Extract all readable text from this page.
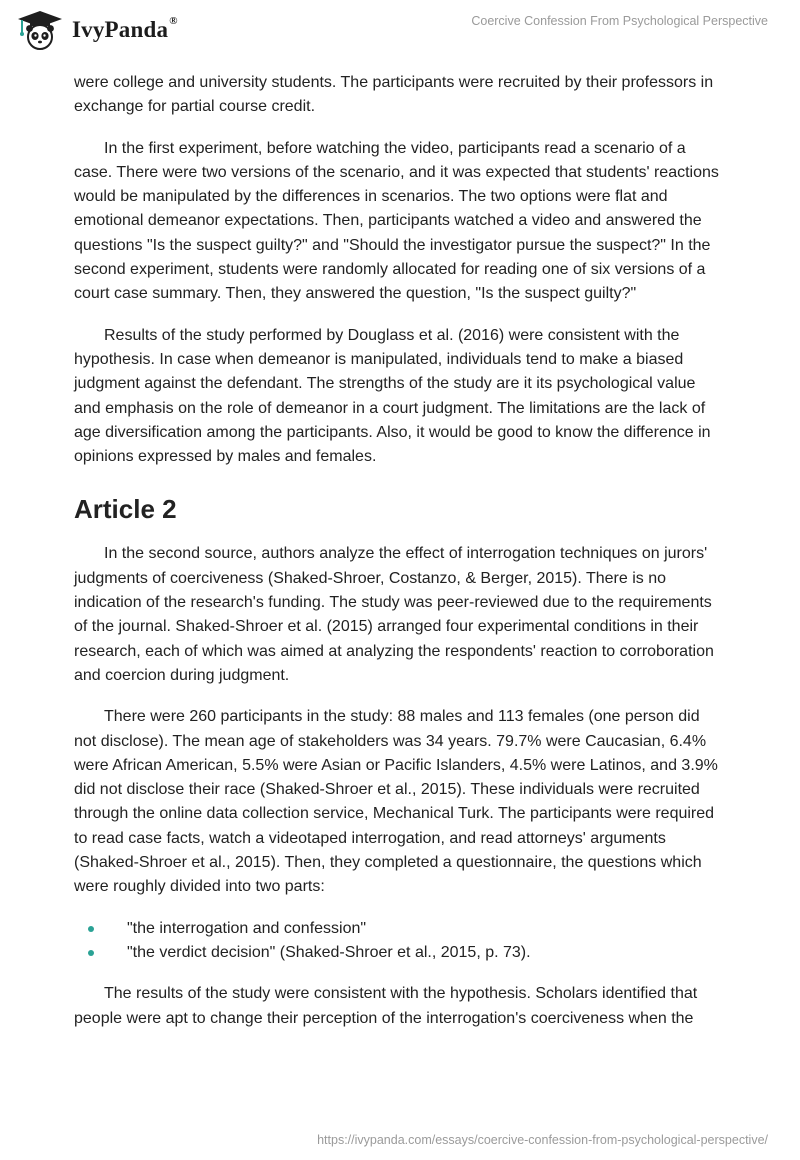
IvyPanda®	Coercive Confession From Psychological Perspective

were college and university students. The participants were recruited by their professors in exchange for partial course credit.

In the first experiment, before watching the video, participants read a scenario of a case. There were two versions of the scenario, and it was expected that students' reactions would be manipulated by the differences in scenarios. The two options were flat and emotional demeanor expectations. Then, participants watched a video and answered the questions "Is the suspect guilty?" and "Should the investigator pursue the suspect?" In the second experiment, students were randomly allocated for reading one of six versions of a court case summary. Then, they answered the question, "Is the suspect guilty?"

Results of the study performed by Douglass et al. (2016) were consistent with the hypothesis. In case when demeanor is manipulated, individuals tend to make a biased judgment against the defendant. The strengths of the study are it its psychological value and emphasis on the role of demeanor in a court judgment. The limitations are the lack of age diversification among the participants. Also, it would be good to know the difference in opinions expressed by males and females.

Article 2

In the second source, authors analyze the effect of interrogation techniques on jurors' judgments of coerciveness (Shaked-Shroer, Costanzo, & Berger, 2015). There is no indication of the research's funding. The study was peer-reviewed due to the requirements of the journal. Shaked-Shroer et al. (2015) arranged four experimental conditions in their research, each of which was aimed at analyzing the respondents' reaction to corroboration and coercion during judgment.

There were 260 participants in the study: 88 males and 113 females (one person did not disclose). The mean age of stakeholders was 34 years. 79.7% were Caucasian, 6.4% were African American, 5.5% were Asian or Pacific Islanders, 4.5% were Latinos, and 3.9% did not disclose their race (Shaked-Shroer et al., 2015). These individuals were recruited through the online data collection service, Mechanical Turk. The participants were required to read case facts, watch a videotaped interrogation, and read attorneys' arguments (Shaked-Shroer et al., 2015). Then, they completed a questionnaire, the questions which were roughly divided into two parts:

"the interrogation and confession"
"the verdict decision" (Shaked-Shroer et al., 2015, p. 73).

The results of the study were consistent with the hypothesis. Scholars identified that people were apt to change their perception of the interrogation's coerciveness when the

https://ivypanda.com/essays/coercive-confession-from-psychological-perspective/
